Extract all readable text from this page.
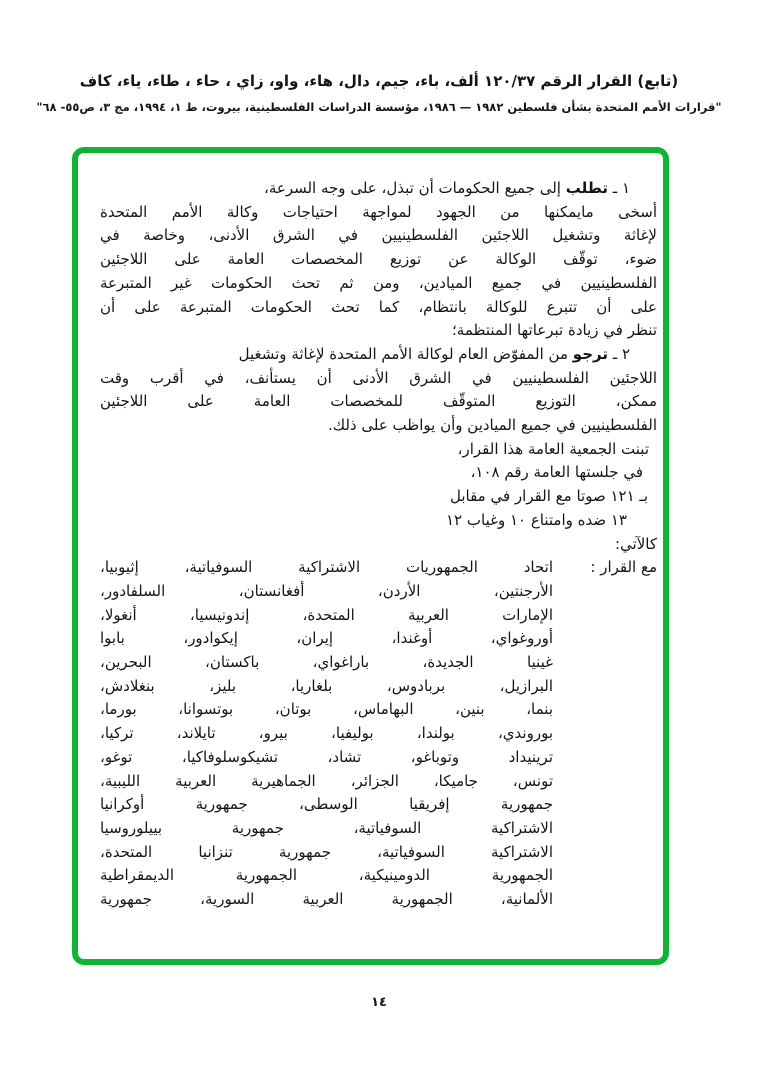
(تابع) القرار الرقم ١٢٠/٣٧ ألف، باء، جيم، دال، هاء، واو، زاي ، حاء ، طاء، ياء، كاف
"قرارات الأمم المتحدة بشأن فلسطين ١٩٨٢ — ١٩٨٦، مؤسسة الدراسات الفلسطينية، بيروت، ط ١، ١٩٩٤، مج ٣، ص٥٥- ٦٨"
١ ـ تطلب إلى جميع الحكومات أن تبذل، على وجه السرعة،
أسخى مايمكنها من الجهود لمواجهة احتياجات وكالة الأمم المتحدة
لإغاثة وتشغيل اللاجئين الفلسطينيين في الشرق الأدنى، وخاصة في
ضوء، توقّف الوكالة عن توزيع المخصصات العامة على اللاجئين
الفلسطينيين في جميع الميادين، ومن ثم تحث الحكومات غير المتبرعة
على أن تتبرع للوكالة بانتظام، كما تحث الحكومات المتبرعة على أن
تنظر في زيادة تبرعاتها المنتظمة؛
٢ ـ ترجو من المفوّض العام لوكالة الأمم المتحدة لإغاثة وتشغيل
اللاجئين الفلسطينيين في الشرق الأدنى أن يستأنف، في أقرب وقت
ممكن، التوزيع المتوقّف للمخصصات العامة على اللاجئين
الفلسطينيين في جميع الميادين وأن يواظب على ذلك.
تبنت الجمعية العامة هذا القرار،
في جلستها العامة رقم ١٠٨،
بـ ١٢١ صوتا مع القرار في مقابل
١٣ ضده وامتناع ١٠ وغياب ١٢
كالآتي:
مع القرار :
اتحاد الجمهوريات الاشتراكية السوفياتية، إثيوبيا،
الأرجنتين، الأردن، أفغانستان، السلفادور،
الإمارات العربية المتحدة، إندونيسيا، أنغولا،
أوروغواي، أوغندا، إيران، إيكوادور، بابوا
غينيا الجديدة، باراغواي، باكستان، البحرين،
البرازيل، بربادوس، بلغاريا، بليز، بنغلادش،
بنما، بنين، البهاماس، بوتان، بوتسوانا، بورما،
بوروندي، بولندا، بوليفيا، بيرو، تايلاند، تركيا،
ترينيداد وتوباغو، تشاد، تشيكوسلوفاكيا، توغو،
تونس، جاميكا، الجزائر، الجماهيرية العربية الليبية،
جمهورية إفريقيا الوسطى، جمهورية أوكرانيا
الاشتراكية السوفياتية، جمهورية بييلوروسيا
الاشتراكية السوفياتية، جمهورية تنزانيا المتحدة،
الجمهورية الدومينيكية، الجمهورية الديمقراطية
الألمانية، الجمهورية العربية السورية، جمهورية
١٤
